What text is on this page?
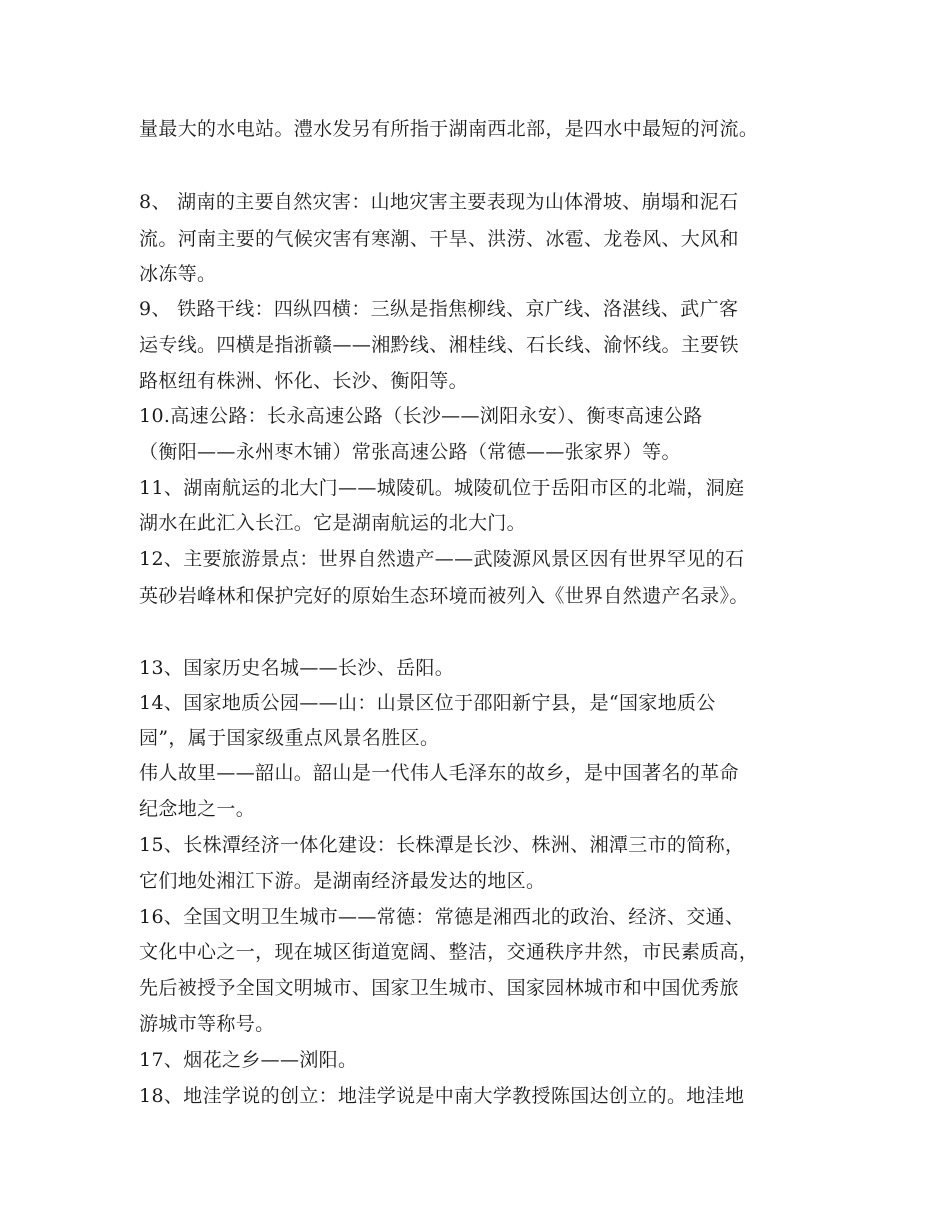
量最大的水电站。澧水发另有所指于湖南西北部，是四水中最短的河流。
8、 湖南的主要自然灾害：山地灾害主要表现为山体滑坡、崩塌和泥石
流。河南主要的气候灾害有寒潮、干旱、洪涝、冰雹、龙卷风、大风和
冰冻等。
9、 铁路干线：四纵四横：三纵是指焦柳线、京广线、洛湛线、武广客
运专线。四横是指浙赣——湘黔线、湘桂线、石长线、渝怀线。主要铁
路枢纽有株洲、怀化、长沙、衡阳等。
10.高速公路：长永高速公路（长沙——浏阳永安）、衡枣高速公路
（衡阳——永州枣木铺）常张高速公路（常德——张家界）等。
11、湖南航运的北大门——城陵矶。城陵矶位于岳阳市区的北端，洞庭
湖水在此汇入长江。它是湖南航运的北大门。
12、主要旅游景点：世界自然遗产——武陵源风景区因有世界罕见的石
英砂岩峰林和保护完好的原始生态环境而被列入《世界自然遗产名录》。
13、国家历史名城——长沙、岳阳。
14、国家地质公园——山：山景区位于邵阳新宁县，是“国家地质公
园”，属于国家级重点风景名胜区。
伟人故里——韶山。韶山是一代伟人毛泽东的故乡，是中国著名的革命
纪念地之一。
15、长株潭经济一体化建设：长株潭是长沙、株洲、湘潭三市的简称，
它们地处湘江下游。是湖南经济最发达的地区。
16、全国文明卫生城市——常德：常德是湘西北的政治、经济、交通、
文化中心之一，现在城区街道宽阔、整洁，交通秩序井然，市民素质高，
先后被授予全国文明城市、国家卫生城市、国家园林城市和中国优秀旅
游城市等称号。
17、烟花之乡——浏阳。
18、地洼学说的创立：地洼学说是中南大学教授陈国达创立的。地洼地
